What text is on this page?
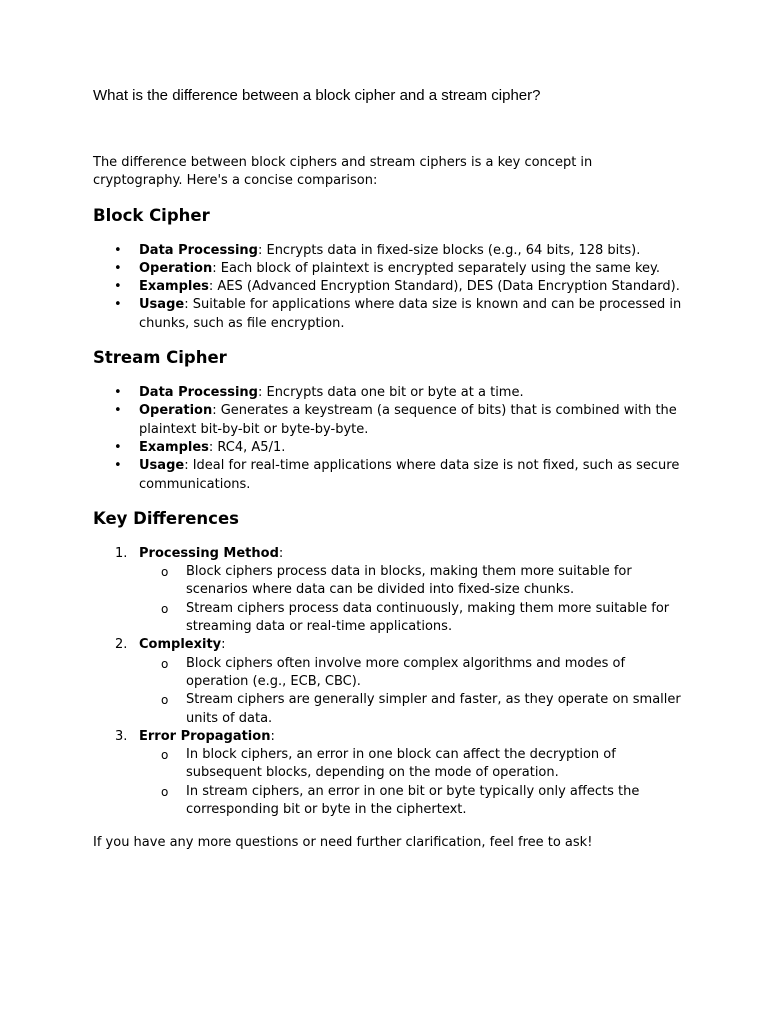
What is the difference between a block cipher and a stream cipher?

The difference between block ciphers and stream ciphers is a key concept in cryptography. Here's a concise comparison:

Block Cipher
• Data Processing: Encrypts data in fixed-size blocks (e.g., 64 bits, 128 bits).
• Operation: Each block of plaintext is encrypted separately using the same key.
• Examples: AES (Advanced Encryption Standard), DES (Data Encryption Standard).
• Usage: Suitable for applications where data size is known and can be processed in chunks, such as file encryption.
Stream Cipher
• Data Processing: Encrypts data one bit or byte at a time.
• Operation: Generates a keystream (a sequence of bits) that is combined with the plaintext bit-by-bit or byte-by-byte.
• Examples: RC4, A5/1.
• Usage: Ideal for real-time applications where data size is not fixed, such as secure communications.
Key Differences
1. Processing Method:
o Block ciphers process data in blocks, making them more suitable for scenarios where data can be divided into fixed-size chunks.
o Stream ciphers process data continuously, making them more suitable for streaming data or real-time applications.
2. Complexity:
o Block ciphers often involve more complex algorithms and modes of operation (e.g., ECB, CBC).
o Stream ciphers are generally simpler and faster, as they operate on smaller units of data.
3. Error Propagation:
o In block ciphers, an error in one block can affect the decryption of subsequent blocks, depending on the mode of operation.
o In stream ciphers, an error in one bit or byte typically only affects the corresponding bit or byte in the ciphertext.

If you have any more questions or need further clarification, feel free to ask!
